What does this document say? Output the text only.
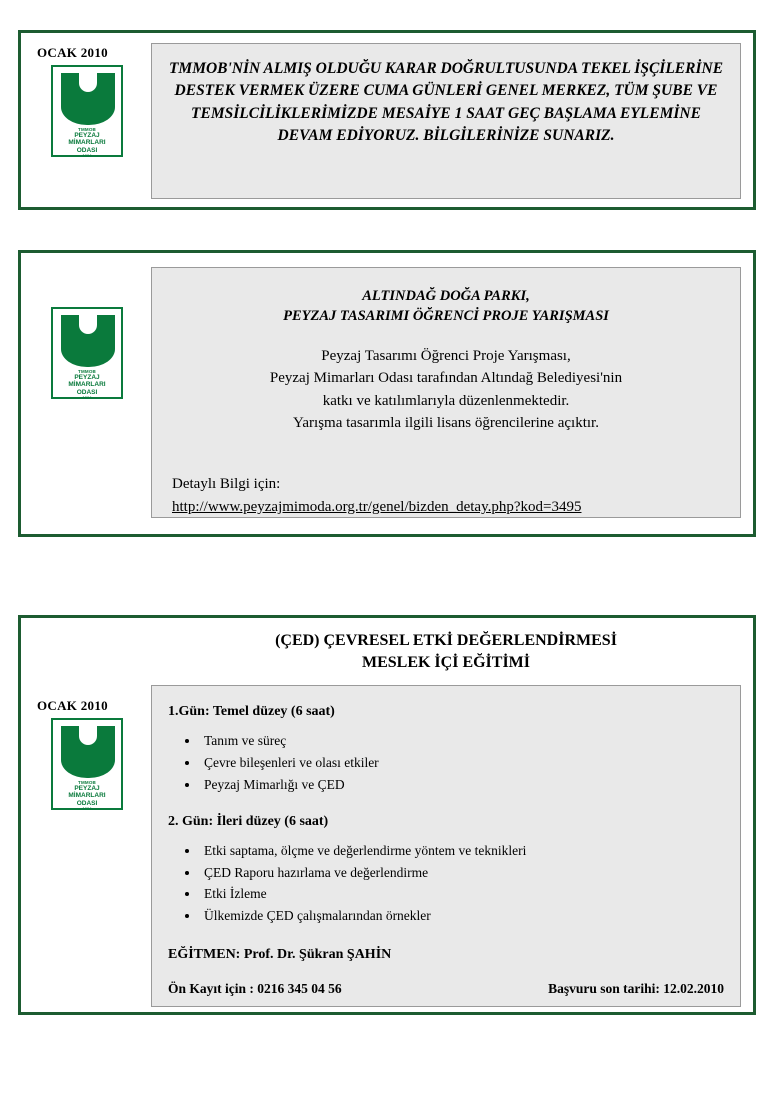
OCAK 2010
TMMOB
PEYZAJ
MİMARLARI
ODASI
1994
TMMOB'NİN ALMIŞ OLDUĞU KARAR DOĞRULTUSUNDA TEKEL İŞÇİLERİNE DESTEK VERMEK ÜZERE CUMA GÜNLERİ GENEL MERKEZ, TÜM ŞUBE VE TEMSİLCİLİKLERİMİZDE MESAİYE 1 SAAT GEÇ BAŞLAMA EYLEMİNE DEVAM EDİYORUZ. BİLGİLERİNİZE SUNARIZ.
TMMOB
PEYZAJ
MİMARLARI
ODASI
1994
ALTINDAĞ DOĞA PARKI,
PEYZAJ TASARIMI ÖĞRENCİ PROJE YARIŞMASI
Peyzaj Tasarımı Öğrenci Proje Yarışması,
Peyzaj Mimarları Odası tarafından Altındağ Belediyesi'nin
katkı ve katılımlarıyla düzenlenmektedir.
Yarışma tasarımla ilgili lisans öğrencilerine açıktır.
Detaylı Bilgi için:
http://www.peyzajmimoda.org.tr/genel/bizden_detay.php?kod=3495
OCAK 2010
TMMOB
PEYZAJ
MİMARLARI
ODASI
1994
(ÇED) ÇEVRESEL ETKİ DEĞERLENDİRMESİ
MESLEK İÇİ EĞİTİMİ
1.Gün: Temel düzey (6 saat)
• Tanım ve süreç
• Çevre bileşenleri ve olası etkiler
• Peyzaj Mimarlığı ve ÇED
2. Gün: İleri düzey (6 saat)
• Etki saptama, ölçme ve değerlendirme yöntem ve teknikleri
• ÇED Raporu hazırlama ve değerlendirme
• Etki İzleme
• Ülkemizde ÇED çalışmalarından örnekler
EĞİTMEN: Prof. Dr. Şükran ŞAHİN
Ön Kayıt için : 0216 345 04 56	Başvuru son tarihi: 12.02.2010
